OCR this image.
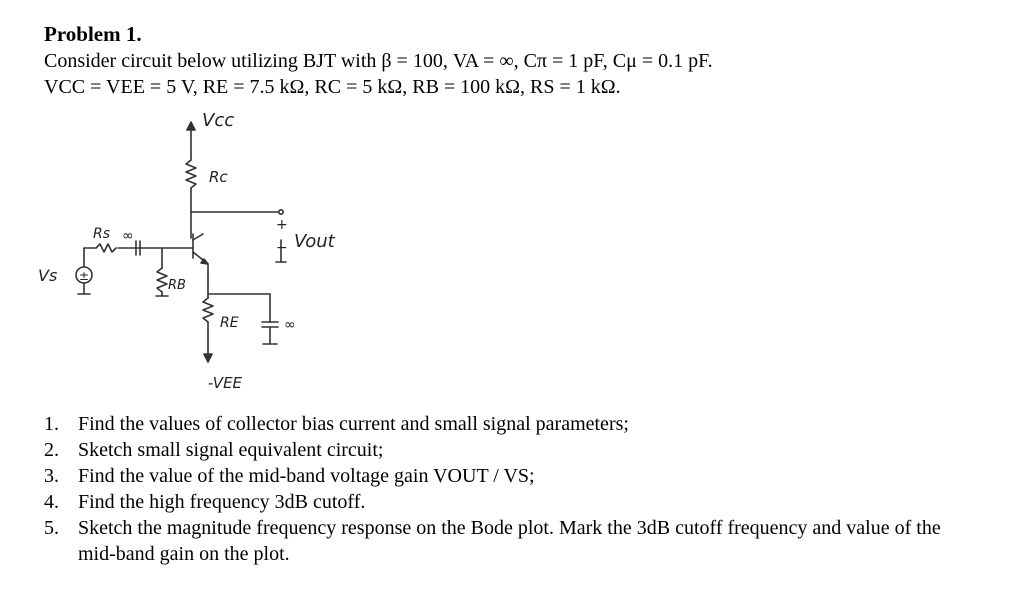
Problem 1.
Consider circuit below utilizing BJT with β = 100, VA = ∞, Cπ = 1 pF, Cμ = 0.1 pF.
VCC = VEE = 5 V, RE = 7.5 kΩ, RC = 5 kΩ, RB = 100 kΩ, RS = 1 kΩ.
Vcc
Rc
Rs ∞
RB
RE	∞
Vout
Vs
-VEE
+
−
±
1. Find the values of collector bias current and small signal parameters;
2. Sketch small signal equivalent circuit;
3. Find the value of the mid-band voltage gain VOUT / VS;
4. Find the high frequency 3dB cutoff.
5. Sketch the magnitude frequency response on the Bode plot. Mark the 3dB cutoff frequency and value of the mid-band gain on the plot.
